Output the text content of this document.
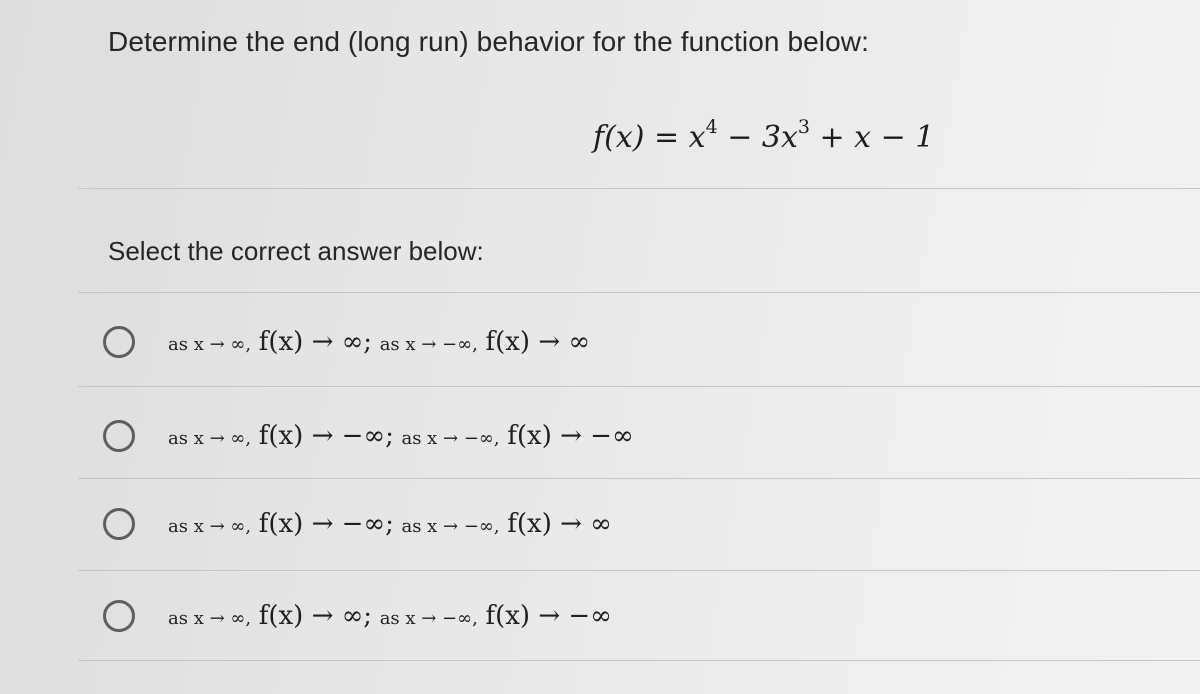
Determine the end (long run) behavior for the function below:
$f(x) = x^4 - 3x^3 + x - 1$
Select the correct answer below:
as x → ∞, f(x) → ∞; as x → −∞, f(x) → ∞
as x → ∞, f(x) → −∞; as x → −∞, f(x) → −∞
as x → ∞, f(x) → −∞; as x → −∞, f(x) → ∞
as x → ∞, f(x) → ∞; as x → −∞, f(x) → −∞
